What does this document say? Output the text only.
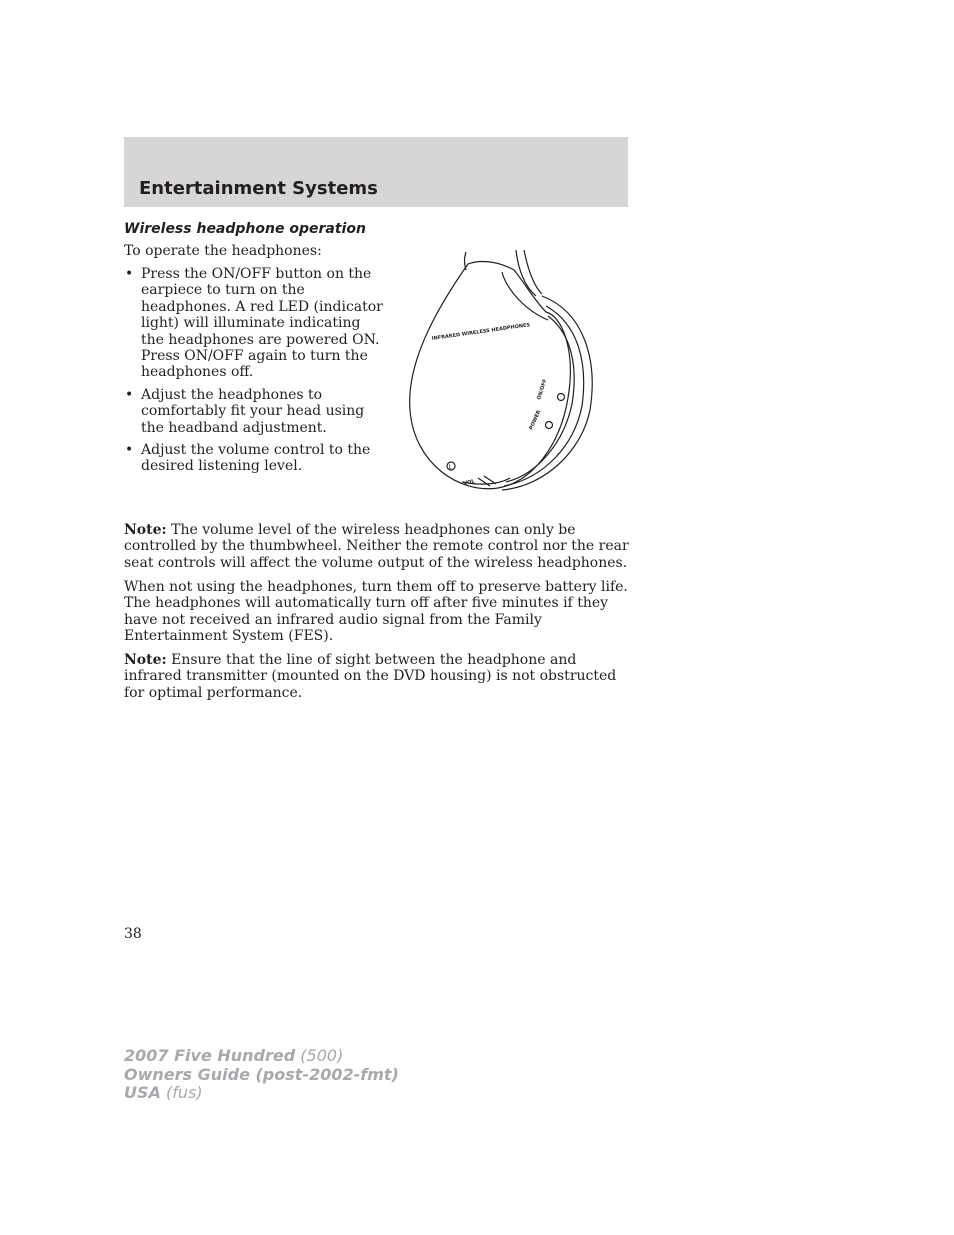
Entertainment Systems
Wireless headphone operation
To operate the headphones:
• Press the ON/OFF button on the earpiece to turn on the headphones. A red LED (indicator light) will illuminate indicating the headphones are powered ON. Press ON/OFF again to turn the headphones off.
• Adjust the headphones to comfortably fit your head using the headband adjustment.
• Adjust the volume control to the desired listening level.
INFRARED WIRELESS HEADPHONES
ON/OFF
POWER
VOL
L

Note: The volume level of the wireless headphones can only be controlled by the thumbwheel. Neither the remote control nor the rear seat controls will affect the volume output of the wireless headphones.

When not using the headphones, turn them off to preserve battery life. The headphones will automatically turn off after five minutes if they have not received an infrared audio signal from the Family Entertainment System (FES).

Note: Ensure that the line of sight between the headphone and infrared transmitter (mounted on the DVD housing) is not obstructed for optimal performance.

38
2007 Five Hundred (500)
Owners Guide (post-2002-fmt)
USA (fus)
